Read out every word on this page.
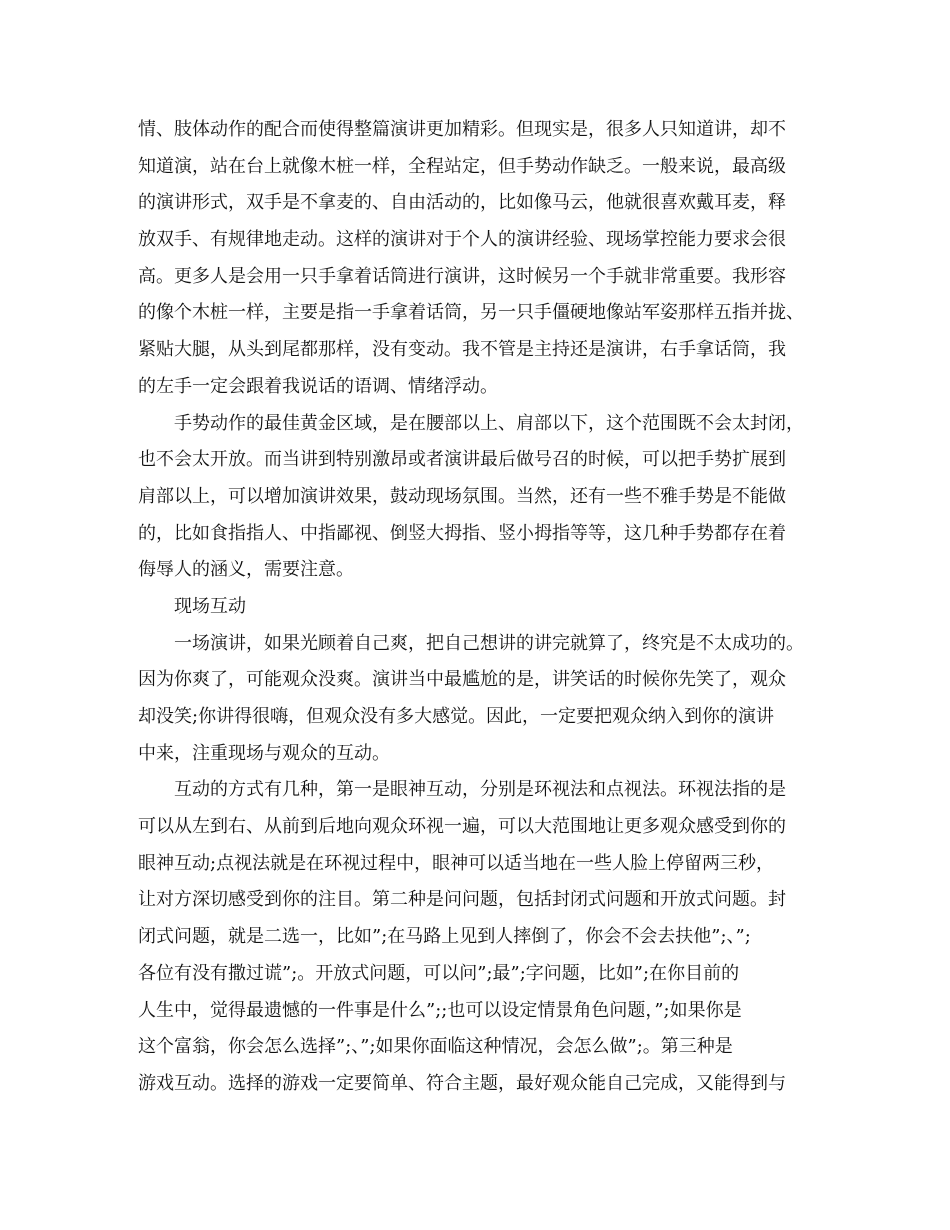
情、肢体动作的配合而使得整篇演讲更加精彩。但现实是，很多人只知道讲，却不
知道演，站在台上就像木桩一样，全程站定，但手势动作缺乏。一般来说，最高级
的演讲形式，双手是不拿麦的、自由活动的，比如像马云，他就很喜欢戴耳麦，释
放双手、有规律地走动。这样的演讲对于个人的演讲经验、现场掌控能力要求会很
高。更多人是会用一只手拿着话筒进行演讲，这时候另一个手就非常重要。我形容
的像个木桩一样，主要是指一手拿着话筒，另一只手僵硬地像站军姿那样五指并拢、
紧贴大腿，从头到尾都那样，没有变动。我不管是主持还是演讲，右手拿话筒，我
的左手一定会跟着我说话的语调、情绪浮动。
手势动作的最佳黄金区域，是在腰部以上、肩部以下，这个范围既不会太封闭，
也不会太开放。而当讲到特别激昂或者演讲最后做号召的时候，可以把手势扩展到
肩部以上，可以增加演讲效果，鼓动现场氛围。当然，还有一些不雅手势是不能做
的，比如食指指人、中指鄙视、倒竖大拇指、竖小拇指等等，这几种手势都存在着
侮辱人的涵义，需要注意。
现场互动
一场演讲，如果光顾着自己爽，把自己想讲的讲完就算了，终究是不太成功的。
因为你爽了，可能观众没爽。演讲当中最尴尬的是，讲笑话的时候你先笑了，观众
却没笑;你讲得很嗨，但观众没有多大感觉。因此，一定要把观众纳入到你的演讲
中来，注重现场与观众的互动。
互动的方式有几种，第一是眼神互动，分别是环视法和点视法。环视法指的是
可以从左到右、从前到后地向观众环视一遍，可以大范围地让更多观众感受到你的
眼神互动;点视法就是在环视过程中，眼神可以适当地在一些人脸上停留两三秒，
让对方深切感受到你的注目。第二种是问问题，包括封闭式问题和开放式问题。封
闭式问题，就是二选一，比如”;在马路上见到人摔倒了，你会不会去扶他”;、”;
各位有没有撒过谎”;。开放式问题，可以问”;最”;字问题，比如”;在你目前的
人生中，觉得最遗憾的一件事是什么”;;也可以设定情景角色问题，”;如果你是
这个富翁，你会怎么选择”;、”;如果你面临这种情况，会怎么做”;。第三种是
游戏互动。选择的游戏一定要简单、符合主题，最好观众能自己完成，又能得到与
